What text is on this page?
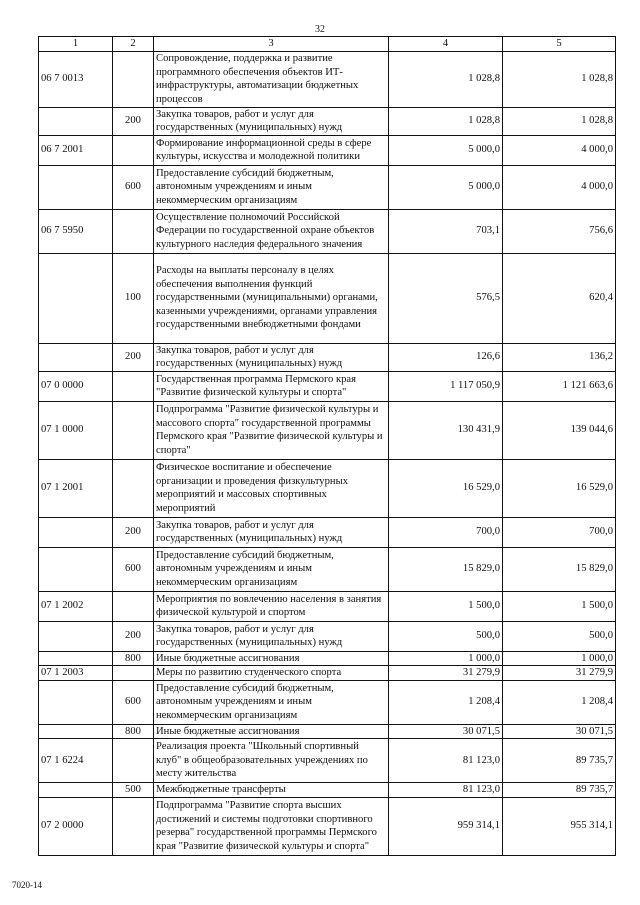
32
1	2	3	4	5
06 7 0013		Сопровождение, поддержка и развитие программного обеспечения объектов ИТ-инфраструктуры, автоматизации бюджетных процессов	1 028,8	1 028,8
	200	Закупка товаров, работ и услуг для государственных (муниципальных) нужд	1 028,8	1 028,8
06 7 2001		Формирование информационной среды в сфере культуры, искусства и молодежной политики	5 000,0	4 000,0
	600	Предоставление субсидий бюджетным, автономным учреждениям и иным некоммерческим организациям	5 000,0	4 000,0
06 7 5950		Осуществление полномочий Российской Федерации по государственной охране объектов культурного наследия федерального значения	703,1	756,6
	100	Расходы на выплаты персоналу в целях обеспечения выполнения функций государственными (муниципальными) органами, казенными учреждениями, органами управления государственными внебюджетными фондами	576,5	620,4
	200	Закупка товаров, работ и услуг для государственных (муниципальных) нужд	126,6	136,2
07 0 0000		Государственная программа Пермского края "Развитие физической культуры и спорта"	1 117 050,9	1 121 663,6
07 1 0000		Подпрограмма "Развитие физической культуры и массового спорта" государственной программы Пермского края "Развитие физической культуры и спорта"	130 431,9	139 044,6
07 1 2001		Физическое воспитание и обеспечение организации и проведения физкультурных мероприятий и массовых спортивных мероприятий	16 529,0	16 529,0
	200	Закупка товаров, работ и услуг для государственных (муниципальных) нужд	700,0	700,0
	600	Предоставление субсидий бюджетным, автономным учреждениям и иным некоммерческим организациям	15 829,0	15 829,0
07 1 2002		Мероприятия по вовлечению населения в занятия физической культурой и спортом	1 500,0	1 500,0
	200	Закупка товаров, работ и услуг для государственных (муниципальных) нужд	500,0	500,0
	800	Иные бюджетные ассигнования	1 000,0	1 000,0
07 1 2003		Меры по развитию студенческого спорта	31 279,9	31 279,9
	600	Предоставление субсидий бюджетным, автономным учреждениям и иным некоммерческим организациям	1 208,4	1 208,4
	800	Иные бюджетные ассигнования	30 071,5	30 071,5
07 1 6224		Реализация проекта "Школьный спортивный клуб" в общеобразовательных учреждениях по месту жительства	81 123,0	89 735,7
	500	Межбюджетные трансферты	81 123,0	89 735,7
07 2 0000		Подпрограмма "Развитие спорта высших достижений и системы подготовки спортивного резерва" государственной программы Пермского края "Развитие физической культуры и спорта"	959 314,1	955 314,1
7020-14
